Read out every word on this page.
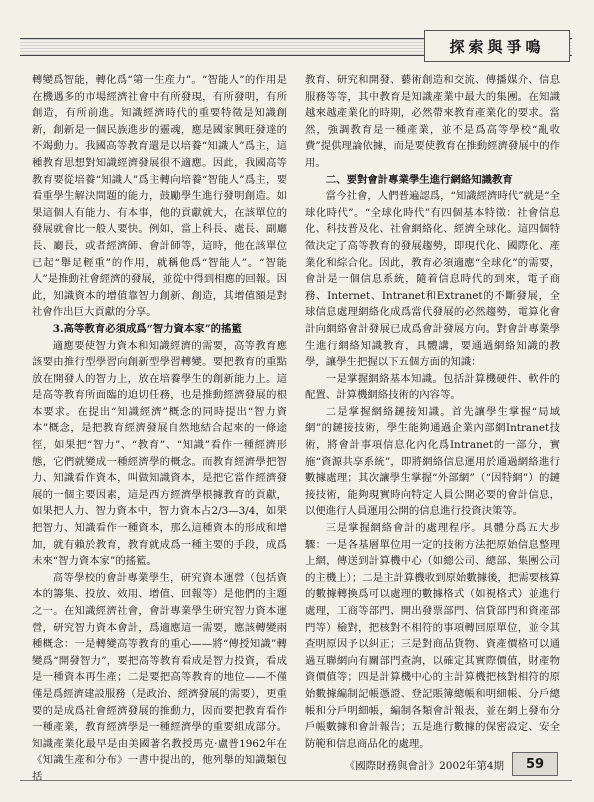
探索與爭鳴

轉變爲智能，轉化爲“第一生産力”。“智能人”的作用是在機遇多的市場經濟社會中有所發現，有所發明，有所創造，有所前進。知識經濟時代的重要特徵是知識創新，創新是一個民族進步的靈魂，應是國家興旺發達的不竭動力。我國高等教育還是以培養“知識人”爲主，這種教育思想對知識經濟發展很不適應。因此，我國高等教育要從培養“知識人”爲主轉向培養“智能人”爲主，要看重學生解決問題的能力，鼓勵學生進行發明創造。如果這個人有能力、有本事，他的貢獻就大，在該單位的發展就會比一般人要快。例如，當上科長、處長、副廳長、廳長，或者經濟師、會計師等，這時，他在該單位已起“舉足輕重”的作用，就稱他爲“智能人”。“智能人”是推動社會經濟的發展，並從中得到相應的回報。因此，知識資本的增值靠智力創新、創造，其增值額是對社會作出巨大貢獻的分享。

3.高等教育必須成爲“智力資本家”的搖籃

適應要使智力資本和知識經濟的需要，高等教育應該要由推行型學習向創新型學習轉變。要把教育的重點放在開發人的智力上，放在培養學生的創新能力上。這是高等教育所面臨的迫切任務，也是推動經濟發展的根本要求。在提出“知識經濟”概念的同時提出“智力資本”概念，是把教育經濟發展自然地結合起來的一條途徑，如果把“智力”、“教育”、“知識”看作一種經濟形態，它們就變成一種經濟學的概念。而教育經濟學把智力、知識看作資本，叫做知識資本，是把它當作經濟發展的一個主要因素，這是西方經濟學根據教育的貢獻，如果把人力、智力資本中，智力資本占2/3—3/4，如果把智力、知識看作一種資本，那么這種資本的形成和增加，就有賴於教育，教育就成爲一種主要的手段，成爲未來“智力資本家”的搖籃。

高等學校的會計專業學生，研究資本運營（包括資本的籌集、投放、效用、增值、回報等）是他們的主題之一。在知識經濟社會，會計專業學生研究智力資本運營，研究智力資本會計，爲適應這一需要，應該轉變兩種概念：一是轉變高等教育的重心——將“傳授知識”轉變爲“開發智力”，要把高等教育看成是智力投資，看成是一種資本再生產；二是要把高等教育的地位——不僅僅是爲經濟建設服務（是政治、經濟發展的需要），更重要的是成爲社會經濟發展的推動力，因而要把教育看作一種產業，教育經濟學是一種經濟學的重要組成部分。知識產業化最早是由美國著名教授馬克·盧普1962年在《知識生產和分布》一書中提出的，他列舉的知識類包括

教育、研究和開發、藝術創造和交流、傳播媒介、信息服務等等，其中教育是知識產業中最大的集團。在知識越來越產業化的時期，必然帶來教育產業化的要求。當然，強調教育是一種產業，並不是爲高等學校“亂收費”提供理論依據，而是要使教育在推動經濟發展中的作用。

二、要對會計專業學生進行網絡知識教育

當今社會，人們普遍認爲，“知識經濟時代”就是“全球化時代”。“全球化時代”有四個基本特徵：社會信息化、科技普及化、社會網絡化、經濟全球化。這四個特徵決定了高等教育的發展趨勢，即現代化、國際化、產業化和綜合化。因此，教育必須適應“全球化”的需要，會計是一個信息系統，隨着信息時代的到來，電子商務、Internet、Intranet和Extranet的不斷發展，全球信息處理網絡化成爲當代發展的必然趨勢，電算化會計向網絡會計發展已成爲會計發展方向。對會計專業學生進行網絡知識教育，具體講，要通過網絡知識的教學，讓學生把握以下五個方面的知識：

一是掌握網絡基本知識。包括計算機硬件、軟件的配置、計算機網絡技術的內容等。

二是掌握網絡鏈接知識。首先讓學生掌握“局域網”的鏈接技術，學生能夠通過企業內部網Intranet技術，將會計事項信息化內化爲Intranet的一部分，實施“資源共享系統”，即將網絡信息運用於通過網絡進行數據處理；其次讓學生掌握“外部網”（“因特網”）的鏈接技術，能夠現實時向特定人員公開必要的會計信息，以便進行人員運用公開的信息進行投資決策等。

三是掌握網絡會計的處理程序。具體分爲五大步驟：一是各基層單位用一定的技術方法把原始信息整理上網，傳送到計算機中心（如總公司、總部、集團公司的主機上）；二是主計算機收到原始數據後，把需要核算的數據轉換爲可以處理的數據格式（如視格式）並進行處理，工商等部門、開出發票部門、信貸部門和資產部門等）檢對，把核對不相符的事項轉回原單位，並令其查明原因予以糾正；三是對商品貨物、資產價格可以通過互聯網向有關部門查詢，以確定其實際價值，財產物資價值等；四是計算機中心的主計算機把核對相符的原始數據編制記帳憑證、登記賬簿總帳和明細帳、分戶總帳和分戶明細帳，編制各類會計報表，並在網上發布分戶帳數據和會計報告；五是進行數據的保密設定、安全防範和信息商品化的處理。

《國際財務與會計》2002年第4期	59
